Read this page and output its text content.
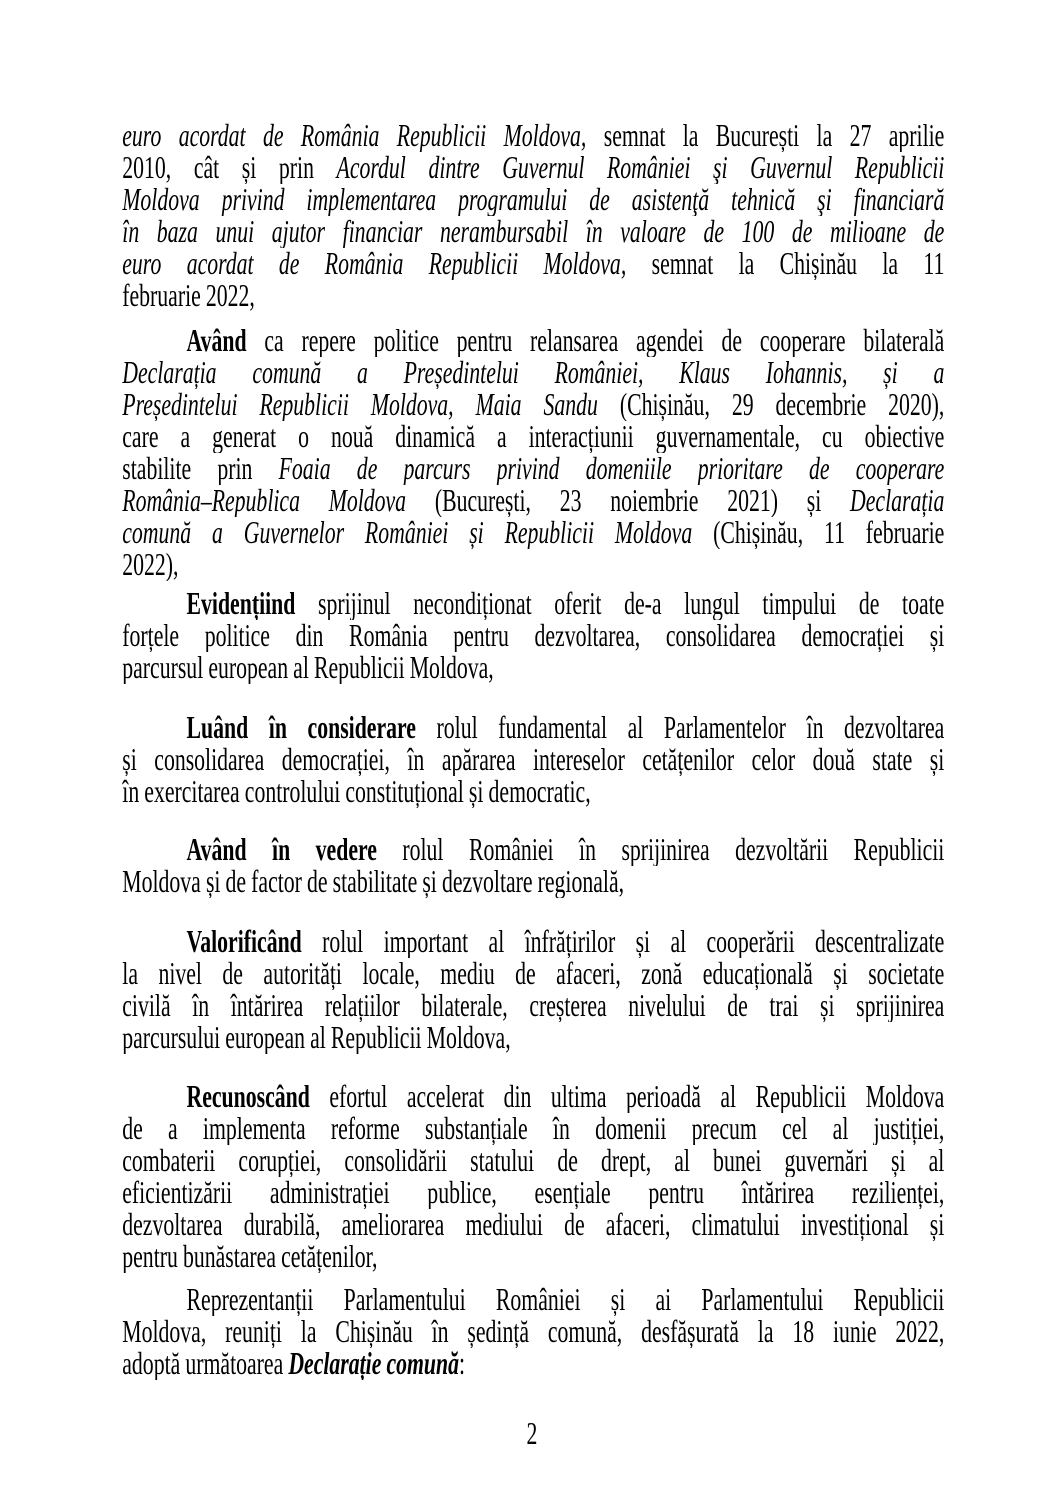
euro acordat de România Republicii Moldova, semnat la București la 27 aprilie
2010, cât și prin Acordul dintre Guvernul României şi Guvernul Republicii
Moldova privind implementarea programului de asistenţă tehnică şi financiară
în baza unui ajutor financiar nerambursabil în valoare de 100 de milioane de
euro acordat de România Republicii Moldova, semnat la Chișinău la 11
februarie 2022,

Având ca repere politice pentru relansarea agendei de cooperare bilaterală
Declarația comună a Președintelui României, Klaus Iohannis, și a
Președintelui Republicii Moldova, Maia Sandu (Chișinău, 29 decembrie 2020),
care a generat o nouă dinamică a interacțiunii guvernamentale, cu obiective
stabilite prin Foaia de parcurs privind domeniile prioritare de cooperare
România–Republica Moldova (București, 23 noiembrie 2021) și Declarația
comună a Guvernelor României și Republicii Moldova (Chișinău, 11 februarie
2022),

Evidențiind sprijinul necondiționat oferit de-a lungul timpului de toate
forțele politice din România pentru dezvoltarea, consolidarea democrației și
parcursul european al Republicii Moldova,

Luând în considerare rolul fundamental al Parlamentelor în dezvoltarea
și consolidarea democrației, în apărarea intereselor cetățenilor celor două state și
în exercitarea controlului constituțional și democratic,

Având în vedere rolul României în sprijinirea dezvoltării Republicii
Moldova și de factor de stabilitate și dezvoltare regională,

Valorificând rolul important al înfrățirilor și al cooperării descentralizate
la nivel de autorități locale, mediu de afaceri, zonă educațională și societate
civilă în întărirea relațiilor bilaterale, creșterea nivelului de trai și sprijinirea
parcursului european al Republicii Moldova,

Recunoscând efortul accelerat din ultima perioadă al Republicii Moldova
de a implementa reforme substanțiale în domenii precum cel al justiției,
combaterii corupției, consolidării statului de drept, al bunei guvernări și al
eficientizării administrației publice, esențiale pentru întărirea rezilienței,
dezvoltarea durabilă, ameliorarea mediului de afaceri, climatului investițional și
pentru bunăstarea cetățenilor,

Reprezentanții Parlamentului României și ai Parlamentului Republicii
Moldova, reuniți la Chișinău în ședință comună, desfășurată la 18 iunie 2022,
adoptă următoarea Declarație comună:

2
